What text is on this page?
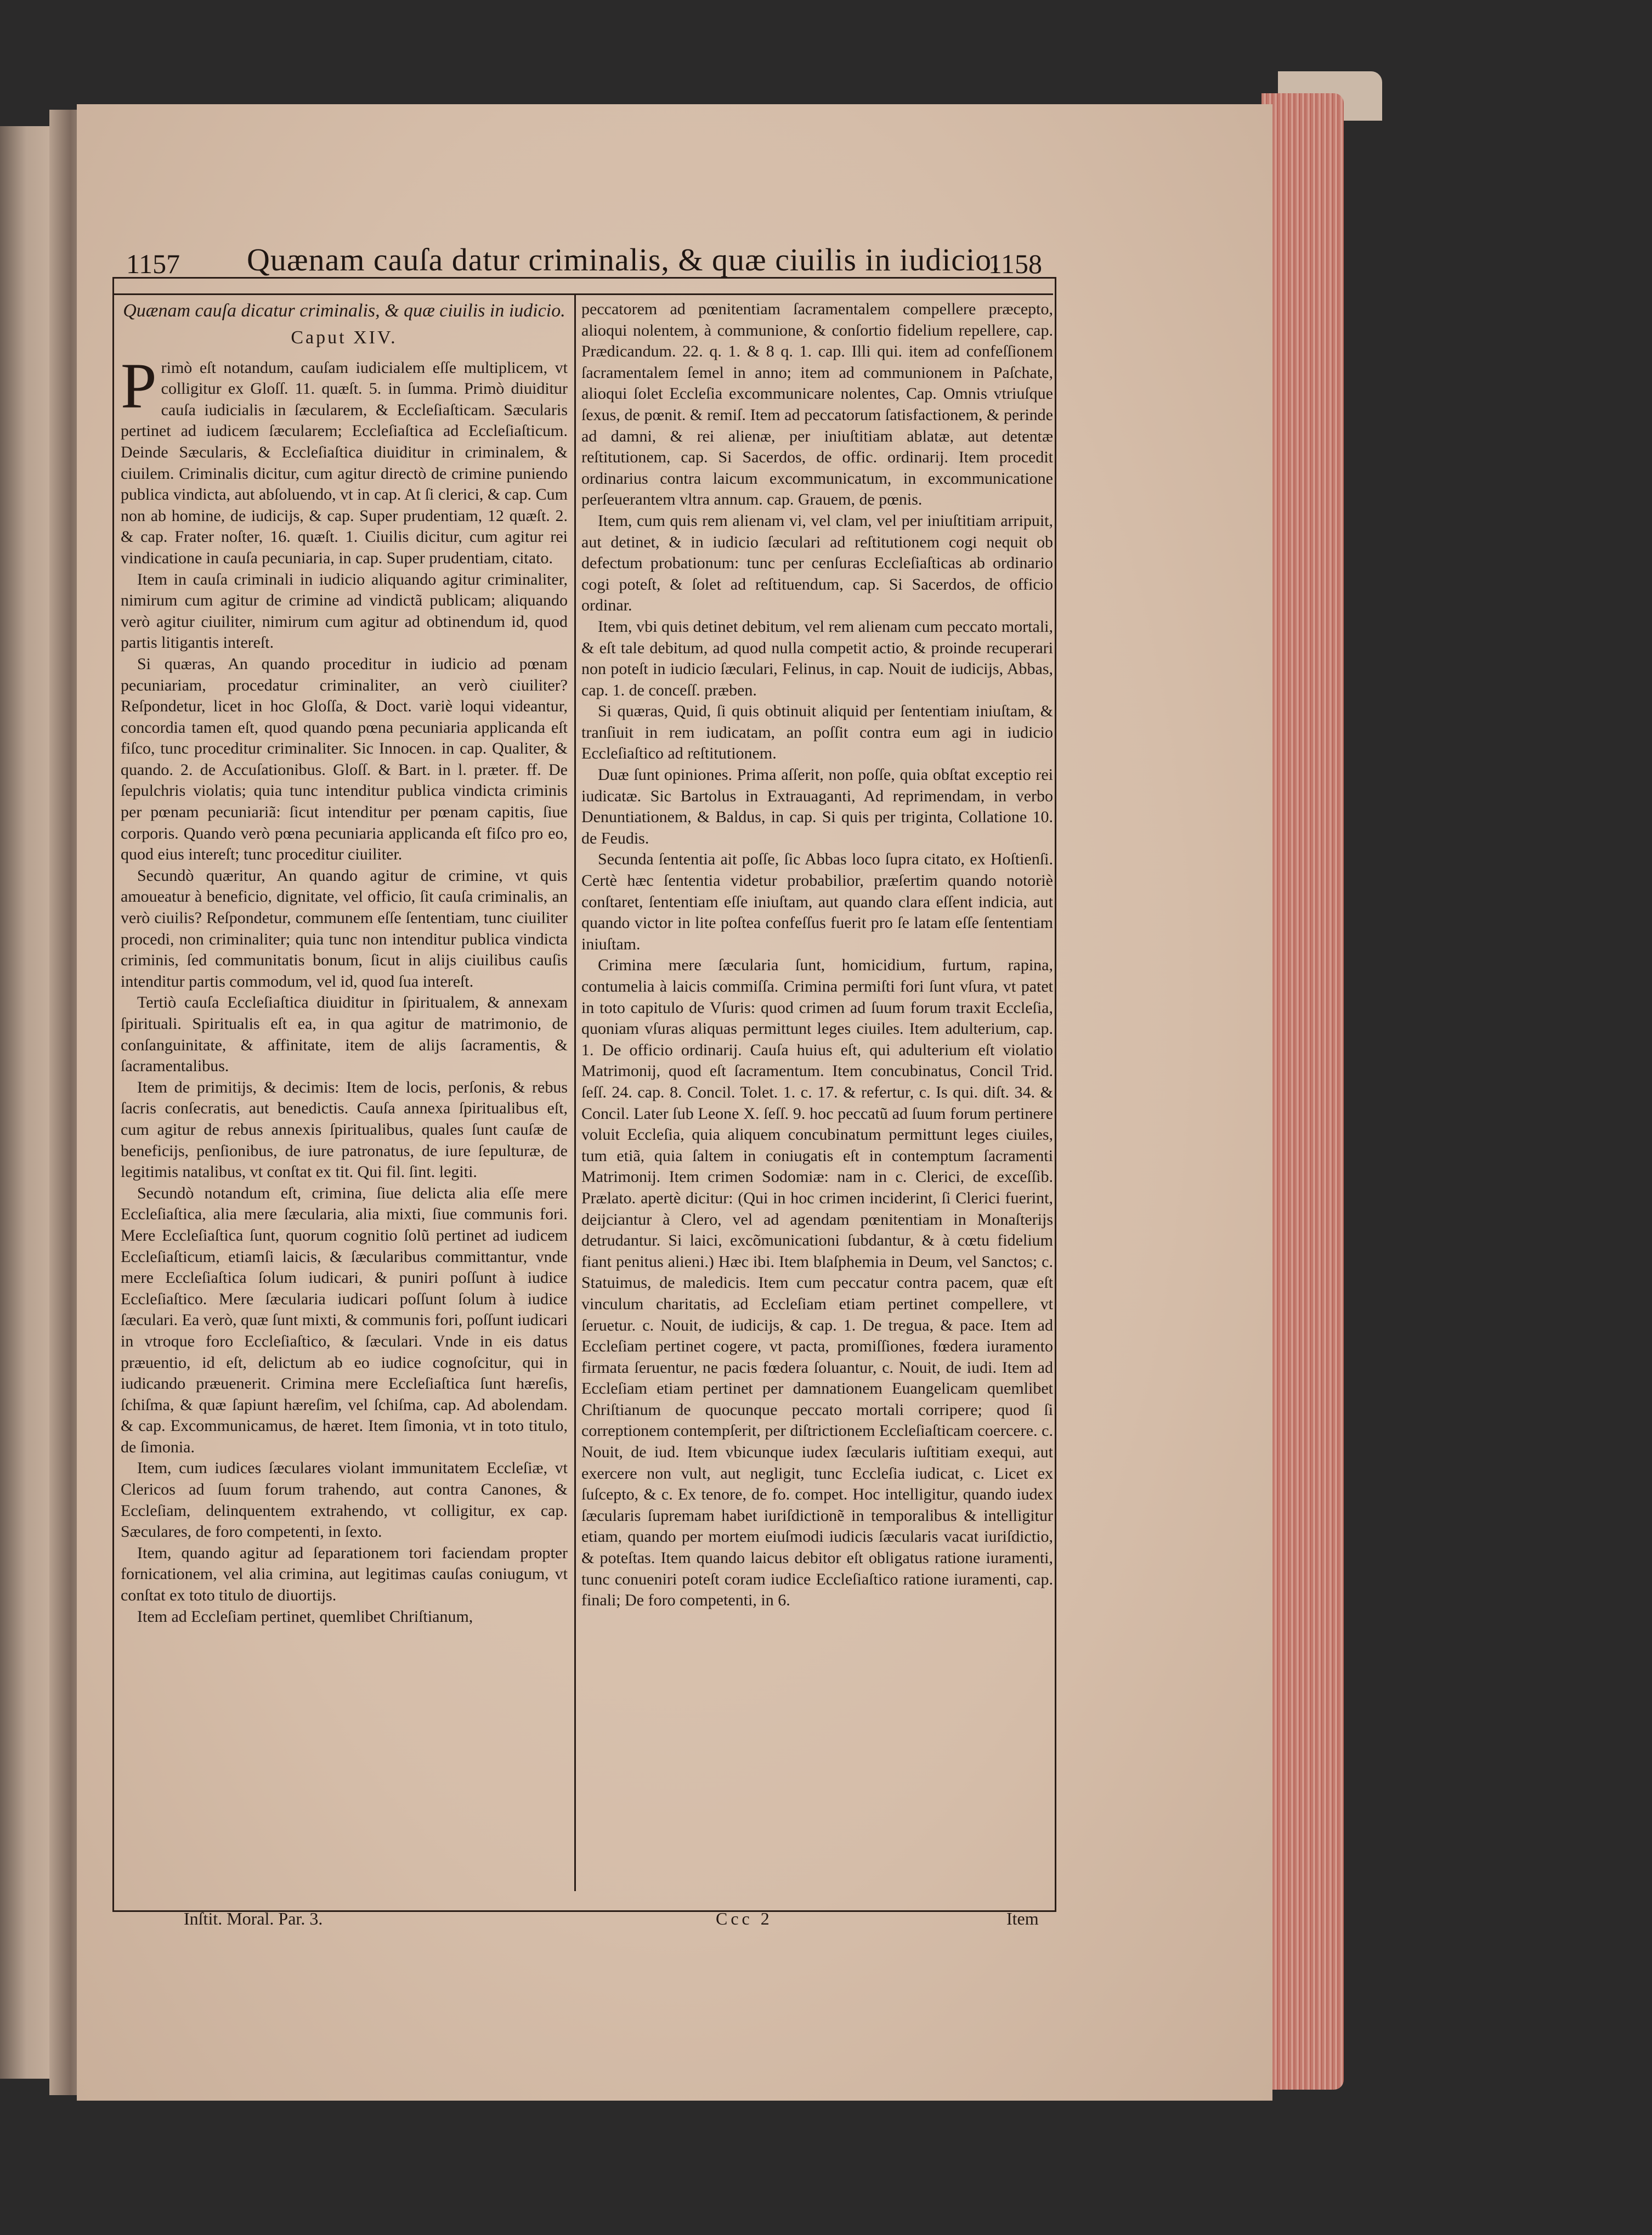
1157 Quænam cauſa datur criminalis, & quæ ciuilis in iudicio.
1158

Quænam cauſa dicatur criminalis, & quæ ciuilis in iudicio.

Caput XIV.

Primò eſt notandum, cauſam iudicialem eſſe multiplicem, vt colligitur ex Gloſſ. 11. quæſt. 5. in ſumma. Primò diuiditur cauſa iudicialis in ſæcularem, & Eccleſiaſticam. Sæcularis pertinet ad iudicem ſæcularem; Eccleſiaſtica ad Eccleſiaſticum. Deinde Sæcularis, & Eccleſiaſtica diuiditur in criminalem, & ciuilem. Criminalis dicitur, cum agitur directò de crimine puniendo publica vindicta, aut abſoluendo, vt in cap. At ſi clerici, & cap. Cum non ab homine, de iudicijs, & cap. Super prudentiam, 12 quæſt. 2. & cap. Frater noſter, 16. quæſt. 1. Ciuilis dicitur, cum agitur rei vindicatione in cauſa pecuniaria, in cap. Super prudentiam, citato.

Item in cauſa criminali in iudicio aliquando agitur criminaliter, nimirum cum agitur de crimine ad vindictã publicam; aliquando verò agitur ciuiliter, nimirum cum agitur ad obtinendum id, quod partis litigantis intereſt.

Si quæras, An quando proceditur in iudicio ad pœnam pecuniariam, procedatur criminaliter, an verò ciuiliter? Reſpondetur, licet in hoc Gloſſa, & Doct. variè loqui videantur, concordia tamen eſt, quod quando pœna pecuniaria applicanda eſt fiſco, tunc proceditur criminaliter. Sic Innocen. in cap. Qualiter, & quando. 2. de Accuſationibus. Gloſſ. & Bart. in l. præter. ff. De ſepulchris violatis; quia tunc intenditur publica vindicta criminis per pœnam pecuniariã: ſicut intenditur per pœnam capitis, ſiue corporis. Quando verò pœna pecuniaria applicanda eſt fiſco pro eo, quod eius intereſt; tunc proceditur ciuiliter.

Secundò quæritur, An quando agitur de crimine, vt quis amoueatur à beneficio, dignitate, vel officio, ſit cauſa criminalis, an verò ciuilis? Reſpondetur, communem eſſe ſententiam, tunc ciuiliter procedi, non criminaliter; quia tunc non intenditur publica vindicta criminis, ſed communitatis bonum, ſicut in alijs ciuilibus cauſis intenditur partis commodum, vel id, quod ſua intereſt.

Tertiò cauſa Eccleſiaſtica diuiditur in ſpiritualem, & annexam ſpirituali. Spiritualis eſt ea, in qua agitur de matrimonio, de conſanguinitate, & affinitate, item de alijs ſacramentis, & ſacramentalibus.

Item de primitijs, & decimis: Item de locis, perſonis, & rebus ſacris conſecratis, aut benedictis. Cauſa annexa ſpiritualibus eſt, cum agitur de rebus annexis ſpiritualibus, quales ſunt cauſæ de beneficijs, penſionibus, de iure patronatus, de iure ſepulturæ, de legitimis natalibus, vt conſtat ex tit. Qui fil. ſint. legiti.

Secundò notandum eſt, crimina, ſiue delicta alia eſſe mere Eccleſiaſtica, alia mere ſæcularia, alia mixti, ſiue communis fori. Mere Eccleſiaſtica ſunt, quorum cognitio ſolũ pertinet ad iudicem Eccleſiaſticum, etiamſi laicis, & ſæcularibus committantur, vnde mere Eccleſiaſtica ſolum iudicari, & puniri poſſunt à iudice Eccleſiaſtico. Mere ſæcularia iudicari poſſunt ſolum à iudice ſæculari. Ea verò, quæ ſunt mixti, & communis fori, poſſunt iudicari in vtroque foro Eccleſiaſtico, & ſæculari. Vnde in eis datus præuentio, id eſt, delictum ab eo iudice cognoſcitur, qui in iudicando præuenerit. Crimina mere Eccleſiaſtica ſunt hæreſis, ſchiſma, & quæ ſapiunt hæreſim, vel ſchiſma, cap. Ad abolendam. & cap. Excommunicamus, de hæret. Item ſimonia, vt in toto titulo, de ſimonia.

Item, cum iudices ſæculares violant immunitatem Eccleſiæ, vt Clericos ad ſuum forum trahendo, aut contra Canones, & Eccleſiam, delinquentem extrahendo, vt colligitur, ex cap. Sæculares, de foro competenti, in ſexto.

Item, quando agitur ad ſeparationem tori faciendam propter fornicationem, vel alia crimina, aut legitimas cauſas coniugum, vt conſtat ex toto titulo de diuortijs.

Item ad Eccleſiam pertinet, quemlibet Chriſtianum,

peccatorem ad pœnitentiam ſacramentalem compellere præcepto, alioqui nolentem, à communione, & conſortio fidelium repellere, cap. Prædicandum. 22. q. 1. & 8 q. 1. cap. Illi qui. item ad confeſſionem ſacramentalem ſemel in anno; item ad communionem in Paſchate, alioqui ſolet Eccleſia excommunicare nolentes, Cap. Omnis vtriuſque ſexus, de pœnit. & remiſ. Item ad peccatorum ſatisfactionem, & perinde ad damni, & rei alienæ, per iniuſtitiam ablatæ, aut detentæ reſtitutionem, cap. Si Sacerdos, de offic. ordinarij. Item procedit ordinarius contra laicum excommunicatum, in excommunicatione perſeuerantem vltra annum. cap. Grauem, de pœnis.

Item, cum quis rem alienam vi, vel clam, vel per iniuſtitiam arripuit, aut detinet, & in iudicio ſæculari ad reſtitutionem cogi nequit ob defectum probationum: tunc per cenſuras Eccleſiaſticas ab ordinario cogi poteſt, & ſolet ad reſtituendum, cap. Si Sacerdos, de officio ordinar.

Item, vbi quis detinet debitum, vel rem alienam cum peccato mortali, & eſt tale debitum, ad quod nulla competit actio, & proinde recuperari non poteſt in iudicio ſæculari, Felinus, in cap. Nouit de iudicijs, Abbas, cap. 1. de conceſſ. præben.

Si quæras, Quid, ſi quis obtinuit aliquid per ſententiam iniuſtam, & tranſiuit in rem iudicatam, an poſſit contra eum agi in iudicio Eccleſiaſtico ad reſtitutionem.

Duæ ſunt opiniones. Prima aſſerit, non poſſe, quia obſtat exceptio rei iudicatæ. Sic Bartolus in Extrauaganti, Ad reprimendam, in verbo Denuntiationem, & Baldus, in cap. Si quis per triginta, Collatione 10. de Feudis.

Secunda ſententia ait poſſe, ſic Abbas loco ſupra citato, ex Hoſtienſi. Certè hæc ſententia videtur probabilior, præſertim quando notoriè conſtaret, ſententiam eſſe iniuſtam, aut quando clara eſſent indicia, aut quando victor in lite poſtea confeſſus fuerit pro ſe latam eſſe ſententiam iniuſtam.

Crimina mere ſæcularia ſunt, homicidium, furtum, rapina, contumelia à laicis commiſſa. Crimina permiſti fori ſunt vſura, vt patet in toto capitulo de Vſuris: quod crimen ad ſuum forum traxit Eccleſia, quoniam vſuras aliquas permittunt leges ciuiles. Item adulterium, cap. 1. De officio ordinarij. Cauſa huius eſt, qui adulterium eſt violatio Matrimonij, quod eſt ſacramentum. Item concubinatus, Concil Trid. ſeſſ. 24. cap. 8. Concil. Tolet. 1. c. 17. & refertur, c. Is qui. diſt. 34. & Concil. Later ſub Leone X. ſeſſ. 9. hoc peccatũ ad ſuum forum pertinere voluit Eccleſia, quia aliquem concubinatum permittunt leges ciuiles, tum etiã, quia ſaltem in coniugatis eſt in contemptum ſacramenti Matrimonij. Item crimen Sodomiæ: nam in c. Clerici, de exceſſib. Prælato. apertè dicitur: (Qui in hoc crimen inciderint, ſi Clerici fuerint, deijciantur à Clero, vel ad agendam pœnitentiam in Monaſterijs detrudantur. Si laici, excõmunicationi ſubdantur, & à cœtu fidelium fiant penitus alieni.) Hæc ibi. Item blaſphemia in Deum, vel Sanctos; c. Statuimus, de maledicis. Item cum peccatur contra pacem, quæ eſt vinculum charitatis, ad Eccleſiam etiam pertinet compellere, vt ſeruetur. c. Nouit, de iudicijs, & cap. 1. De tregua, & pace. Item ad Eccleſiam pertinet cogere, vt pacta, promiſſiones, fœdera iuramento firmata ſeruentur, ne pacis fœdera ſoluantur, c. Nouit, de iudi. Item ad Eccleſiam etiam pertinet per damnationem Euangelicam quemlibet Chriſtianum de quocunque peccato mortali corripere; quod ſi correptionem contempſerit, per diſtrictionem Eccleſiaſticam coercere. c. Nouit, de iud. Item vbicunque iudex ſæcularis iuſtitiam exequi, aut exercere non vult, aut negligit, tunc Eccleſia iudicat, c. Licet ex ſuſcepto, & c. Ex tenore, de fo. compet. Hoc intelligitur, quando iudex ſæcularis ſupremam habet iuriſdictionẽ in temporalibus & intelligitur etiam, quando per mortem eiuſmodi iudicis ſæcularis vacat iuriſdictio, & poteſtas. Item quando laicus debitor eſt obligatus ratione iuramenti, tunc conueniri poteſt coram iudice Eccleſiaſtico ratione iuramenti, cap. finali; De foro competenti, in 6.

Inſtit. Moral. Par. 3.	Ccc 2	Item
